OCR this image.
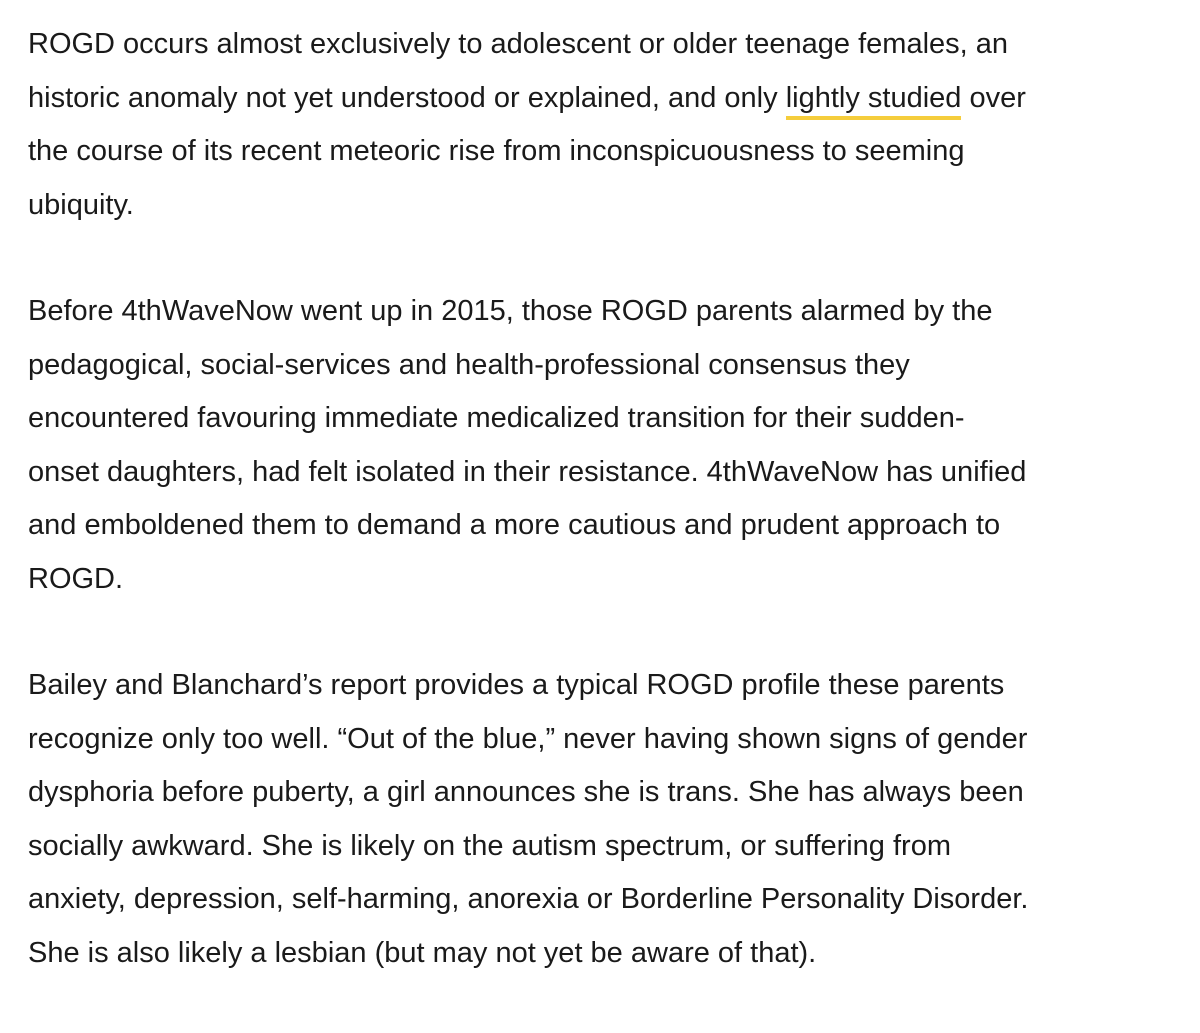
ROGD occurs almost exclusively to adolescent or older teenage females, an
historic anomaly not yet understood or explained, and only lightly studied over
the course of its recent meteoric rise from inconspicuousness to seeming
ubiquity.

Before 4thWaveNow went up in 2015, those ROGD parents alarmed by the
pedagogical, social-services and health-professional consensus they
encountered favouring immediate medicalized transition for their sudden-
onset daughters, had felt isolated in their resistance. 4thWaveNow has unified
and emboldened them to demand a more cautious and prudent approach to
ROGD.

Bailey and Blanchard’s report provides a typical ROGD profile these parents
recognize only too well. “Out of the blue,” never having shown signs of gender
dysphoria before puberty, a girl announces she is trans. She has always been
socially awkward. She is likely on the autism spectrum, or suffering from
anxiety, depression, self-harming, anorexia or Borderline Personality Disorder.
She is also likely a lesbian (but may not yet be aware of that).
